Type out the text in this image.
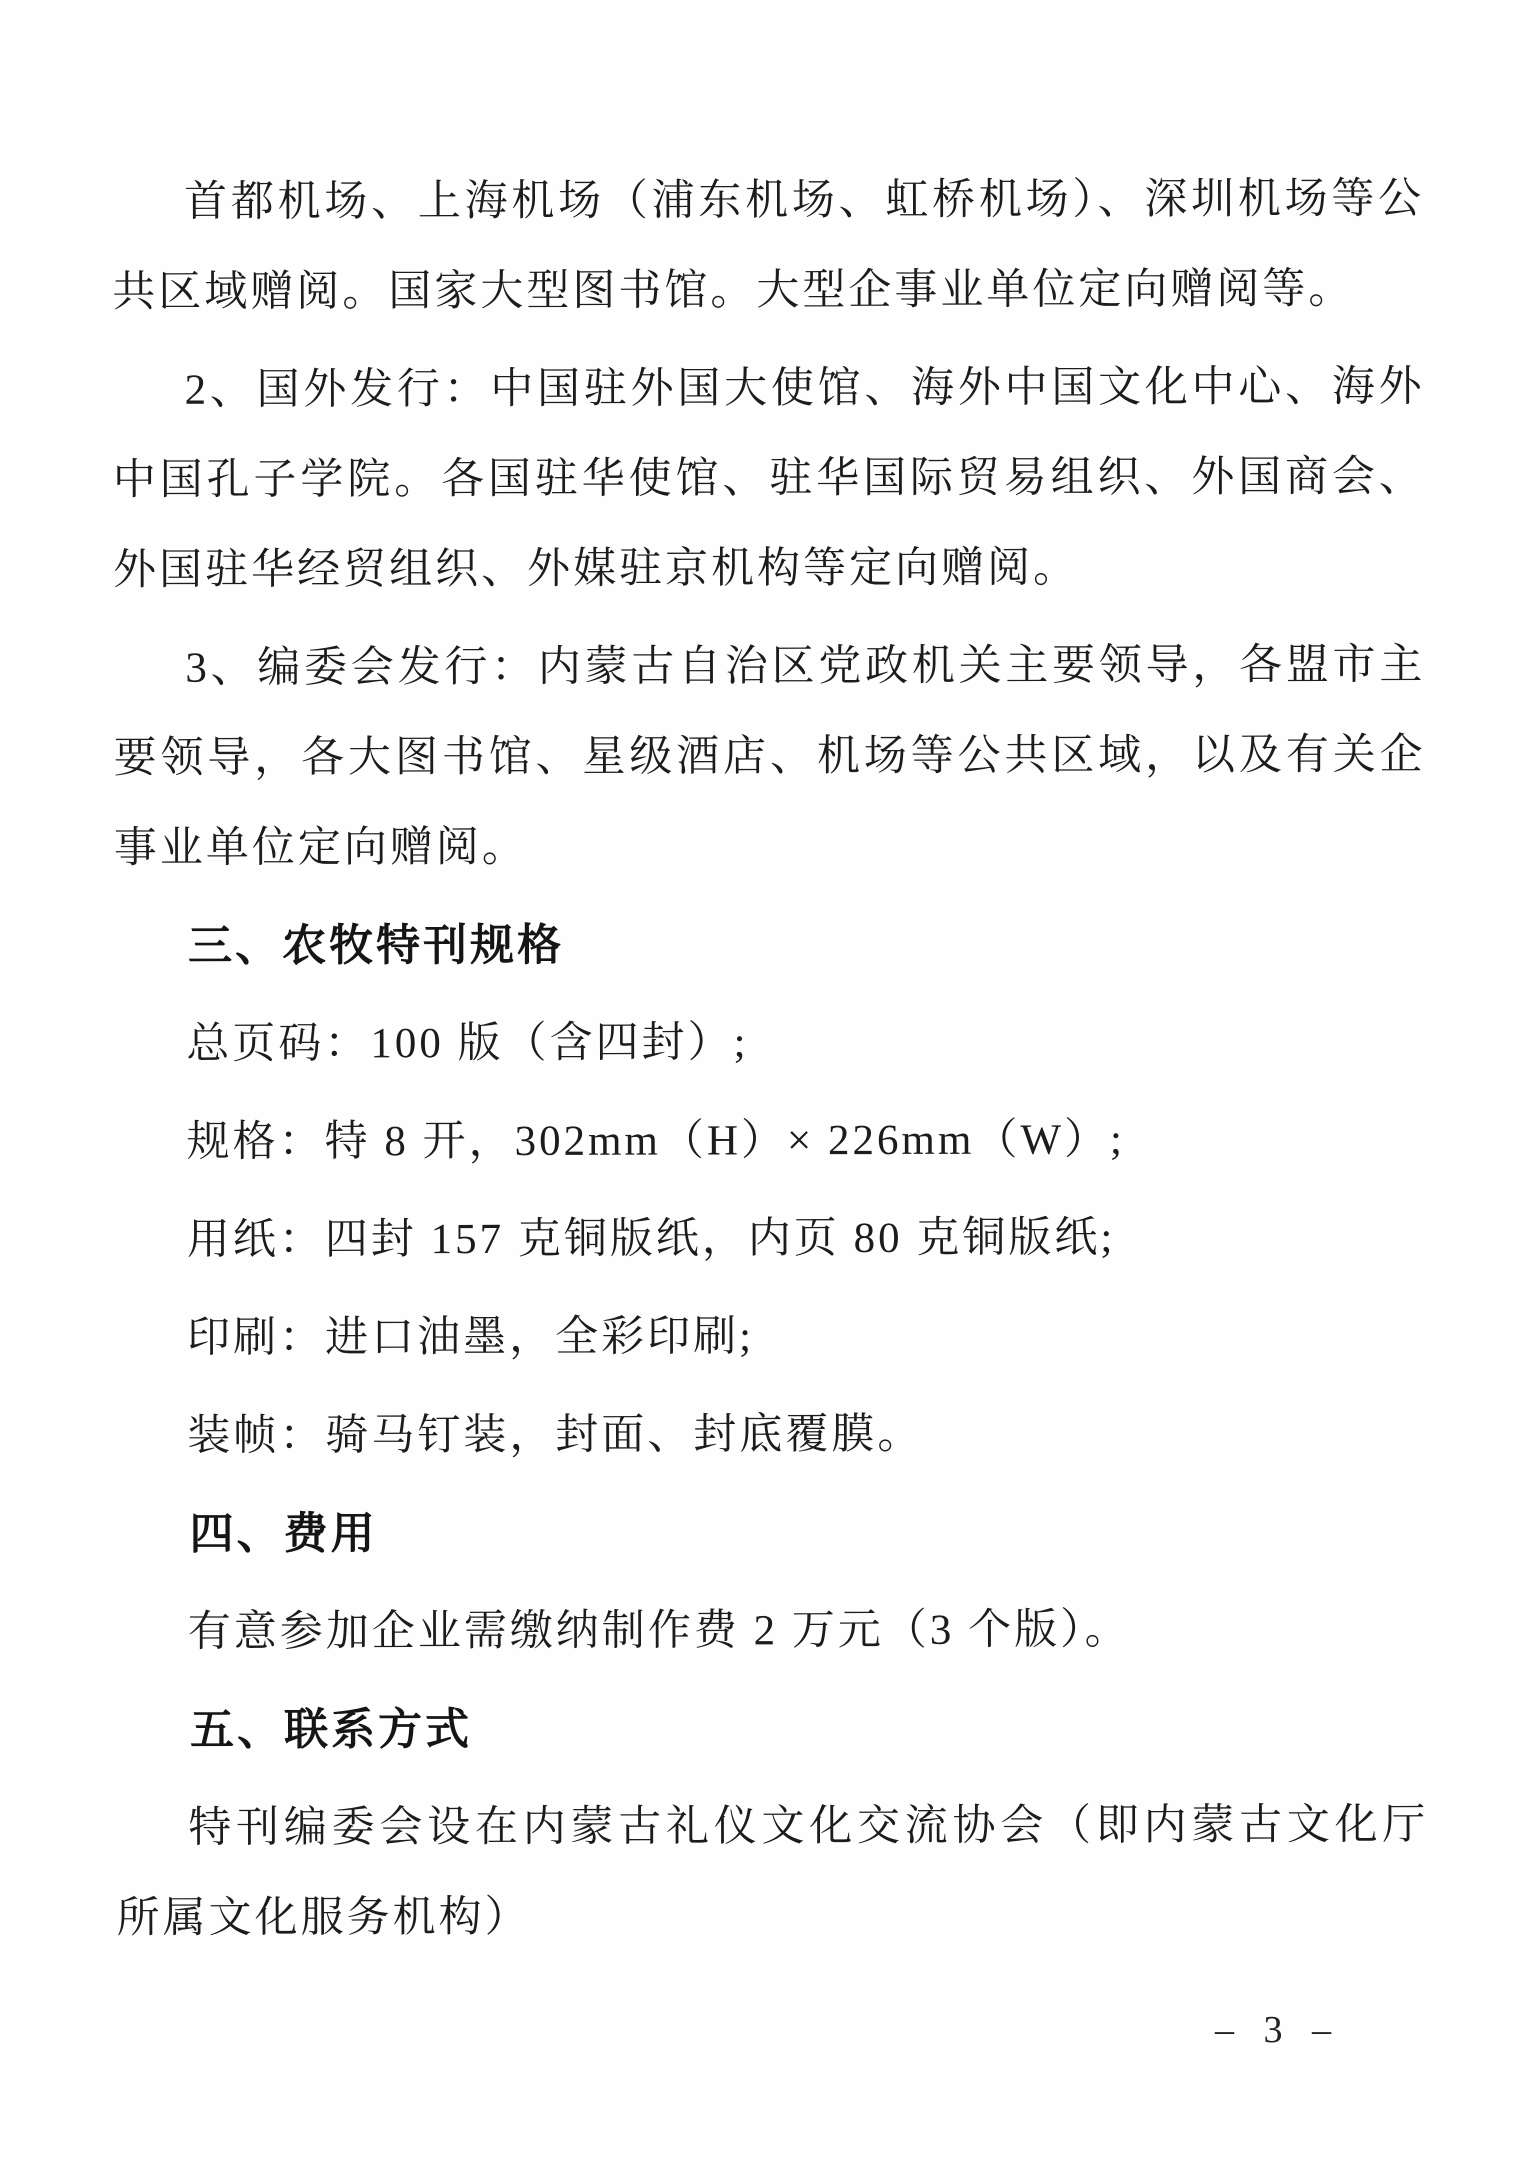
首都机场、上海机场（浦东机场、虹桥机场）、深圳机场等公共区域赠阅。国家大型图书馆。大型企事业单位定向赠阅等。
2、国外发行：中国驻外国大使馆、海外中国文化中心、海外中国孔子学院。各国驻华使馆、驻华国际贸易组织、外国商会、外国驻华经贸组织、外媒驻京机构等定向赠阅。
3、编委会发行：内蒙古自治区党政机关主要领导，各盟市主要领导，各大图书馆、星级酒店、机场等公共区域，以及有关企事业单位定向赠阅。
三、农牧特刊规格
总页码：100 版（含四封）;
规格：特 8 开，302mm（H）× 226mm（W）;
用纸：四封 157 克铜版纸，内页 80 克铜版纸;
印刷：进口油墨，全彩印刷;
装帧：骑马钉装，封面、封底覆膜。
四、费用
有意参加企业需缴纳制作费 2 万元（3 个版）。
五、联系方式
特刊编委会设在内蒙古礼仪文化交流协会（即内蒙古文化厅所属文化服务机构）
– 3 –
